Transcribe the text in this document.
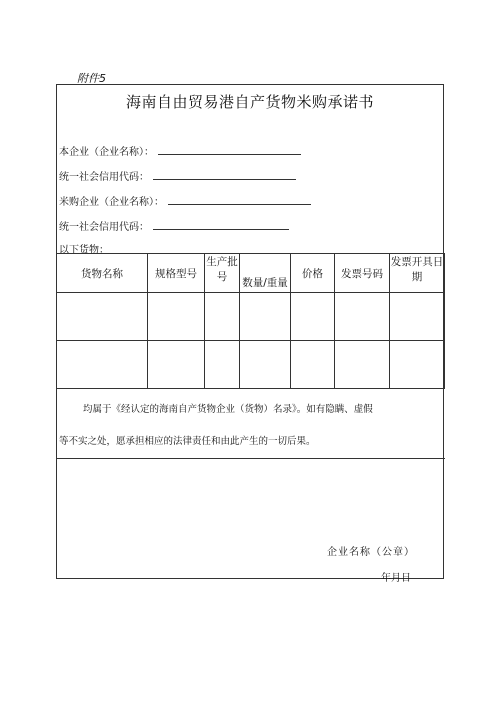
附件5
海南自由贸易港自产货物米购承诺书
本企业（企业名称）：
统一社会信用代码：
米购企业（企业名称）：
统一社会信用代码：
以下货物：
货物名称	规格型号	生产批号	数量/重量	价格	发票号码	发票开具日期

均属于《经认定的海南自产货物企业（货物）名录》。如有隐瞒、虚假
等不实之处，愿承担相应的法律责任和由此产生的一切后果。
企业名称（公章）
年月日
